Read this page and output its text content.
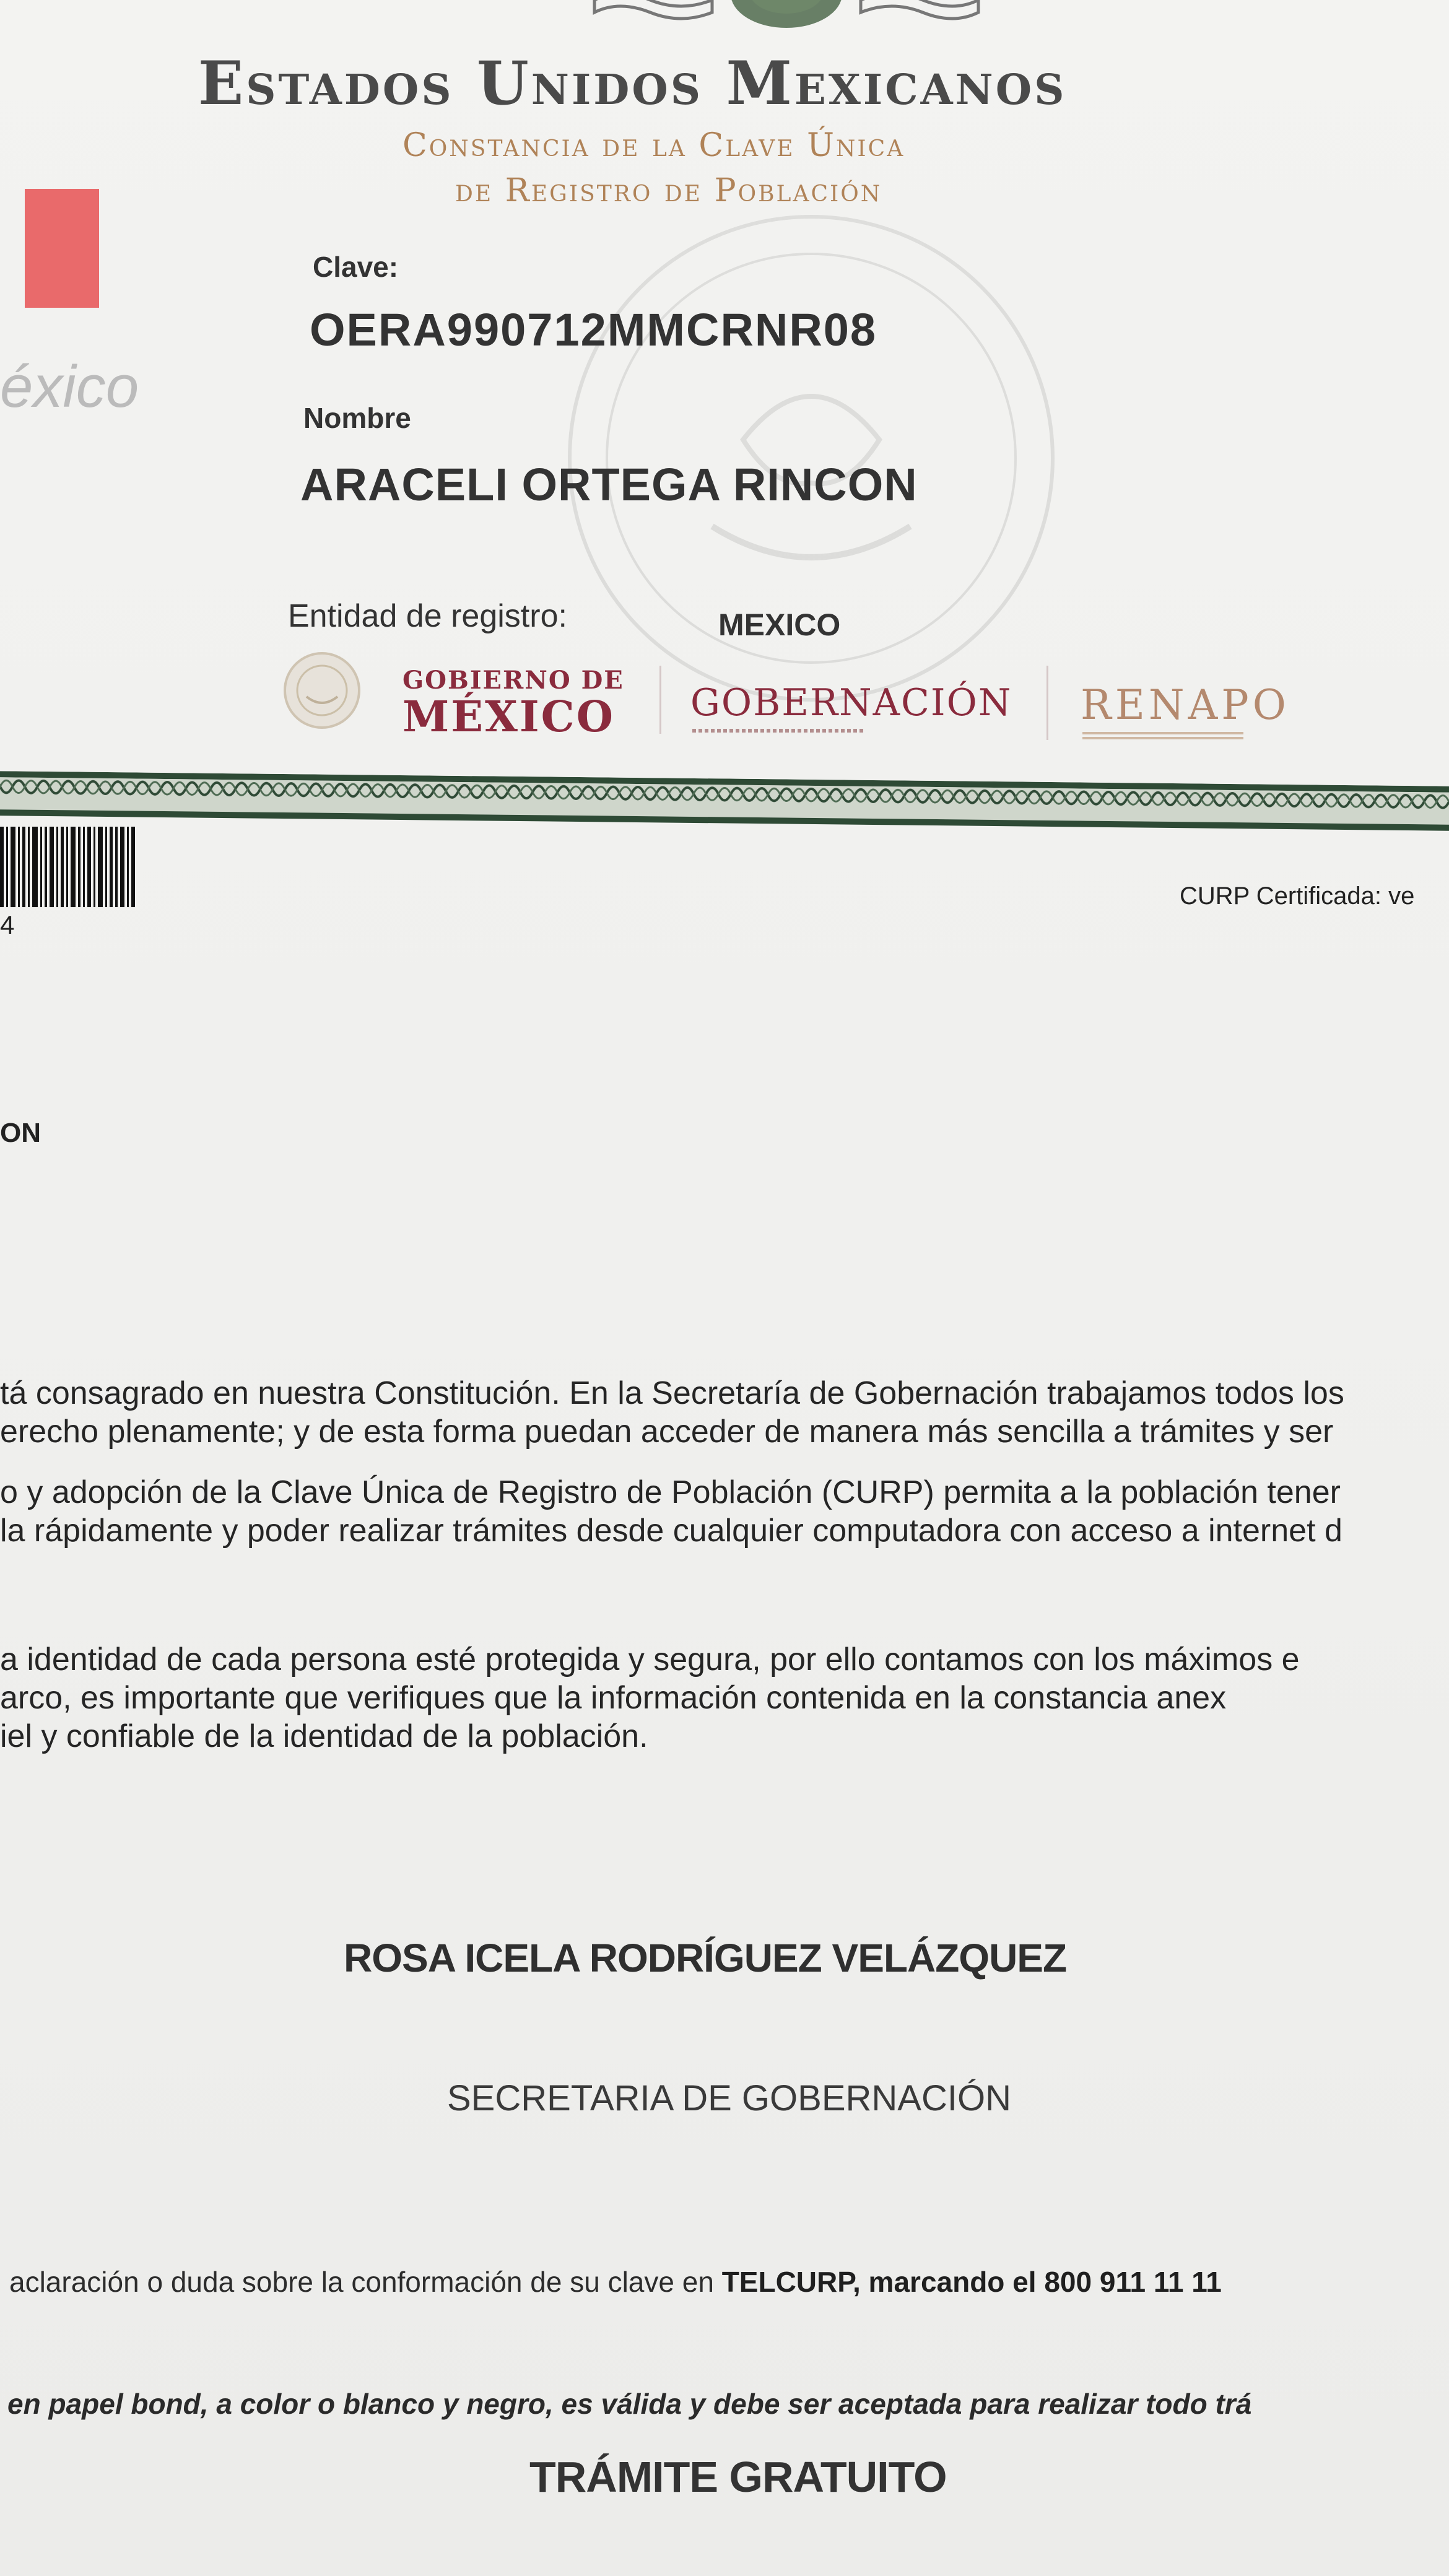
Estados Unidos Mexicanos
Constancia de la Clave Única
de Registro de Población
éxico
Clave:
OERA990712MMCRNR08
Nombre
ARACELI ORTEGA RINCON
Entidad de registro:	MEXICO
GOBIERNO DE
MÉXICO GOBERNACIÓN RENAPO
4
CURP Certificada: ve
ON
tá consagrado en nuestra Constitución. En la Secretaría de Gobernación trabajamos todos los
erecho plenamente; y de esta forma puedan acceder de manera más sencilla a trámites y ser
o y adopción de la Clave Única de Registro de Población (CURP) permita a la población tener
la rápidamente y poder realizar trámites desde cualquier computadora con acceso a internet d
a identidad de cada persona esté protegida y segura, por ello contamos con los máximos e
arco, es importante que verifiques que la información contenida en la constancia anex
iel y confiable de la identidad de la población.
ROSA ICELA RODRÍGUEZ VELÁZQUEZ
SECRETARIA DE GOBERNACIÓN
aclaración o duda sobre la conformación de su clave en TELCURP, marcando el 800 911 11 11
en papel bond, a color o blanco y negro, es válida y debe ser aceptada para realizar todo trá
TRÁMITE GRATUITO
